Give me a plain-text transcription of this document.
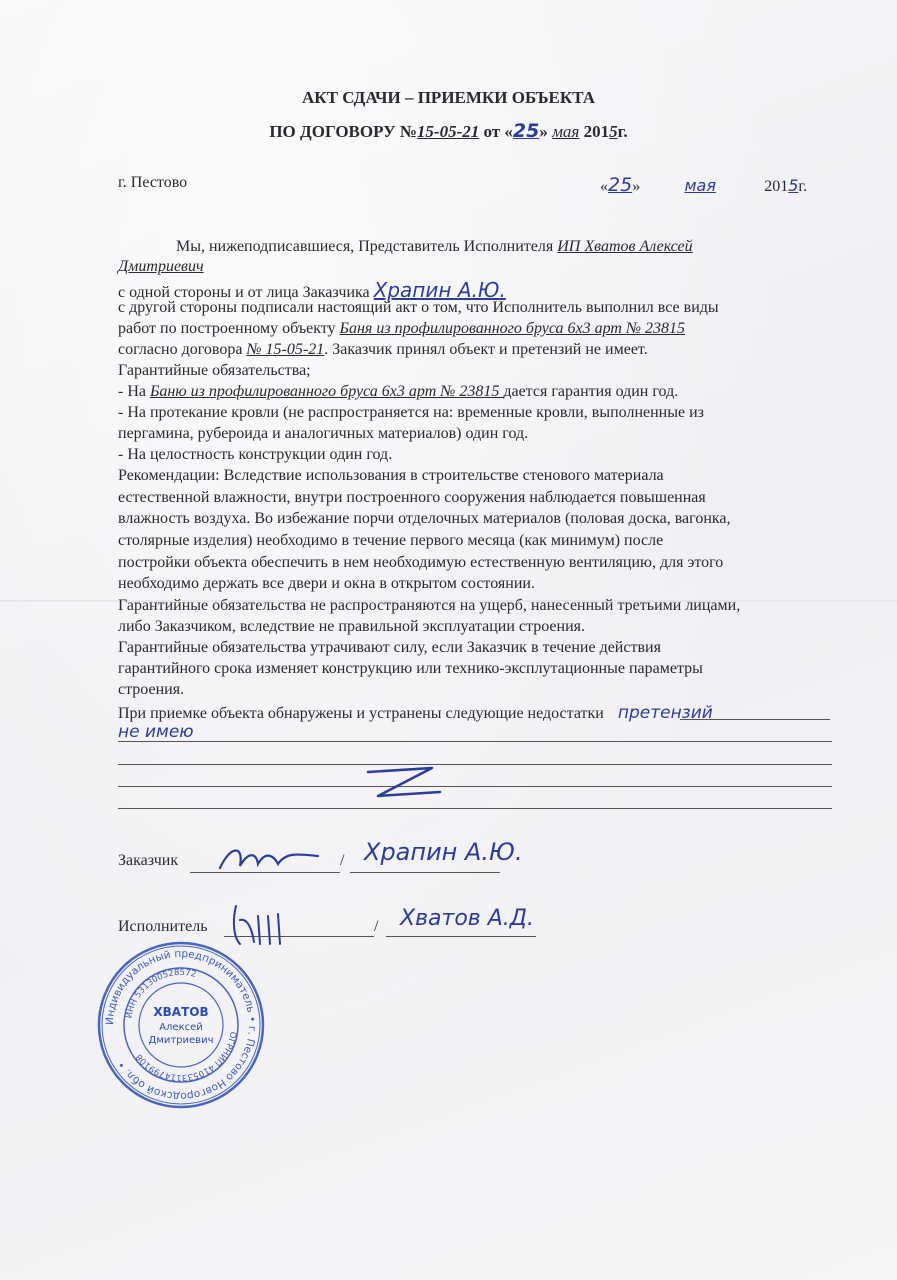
АКТ СДАЧИ – ПРИЕМКИ ОБЪЕКТА
ПО ДОГОВОРУ №15-05-21 от «25» мая 2015г.
г. Пестово	«25»	мая	2015г.
Мы, нижеподписавшиеся, Представитель Исполнителя ИП Хватов Алексей
Дмитриевич
с одной стороны и от лица Заказчика Храпин А.Ю.
с другой стороны подписали настоящий акт о том, что Исполнитель выполнил все виды
работ по построенному объекту Баня из профилированного бруса 6х3 арт № 23815
согласно договора № 15-05-21. Заказчик принял объект и претензий не имеет.
Гарантийные обязательства;
- На Баню из профилированного бруса 6х3 арт № 23815 дается гарантия один год.
- На протекание кровли (не распространяется на: временные кровли, выполненные из
пергамина, рубероида и аналогичных материалов) один год.
- На целостность конструкции один год.
Рекомендации: Вследствие использования в строительстве стенового материала
естественной влажности, внутри построенного сооружения наблюдается повышенная
влажность воздуха. Во избежание порчи отделочных материалов (половая доска, вагонка,
столярные изделия) необходимо в течение первого месяца (как минимум) после
постройки объекта обеспечить в нем необходимую естественную вентиляцию, для этого
необходимо держать все двери и окна в открытом состоянии.
Гарантийные обязательства не распространяются на ущерб, нанесенный третьими лицами,
либо Заказчиком, вследствие не правильной эксплуатации строения.
Гарантийные обязательства утрачивают силу, если Заказчик в течение действия
гарантийного срока изменяет конструкцию или технико-эксплутационные параметры
строения.
При приемке объекта обнаружены и устранены следующие недостатки претензий
не имею
Заказчик	/ Храпин А.Ю.
Исполнитель	/ Хватов А.Д.
Индивидуальный предприниматель • г. Пестово Новгородской обл. •
ИНН 531300528572
ОГРНИП 410533114799108
ХВАТОВ
Алексей
Дмитриевич
